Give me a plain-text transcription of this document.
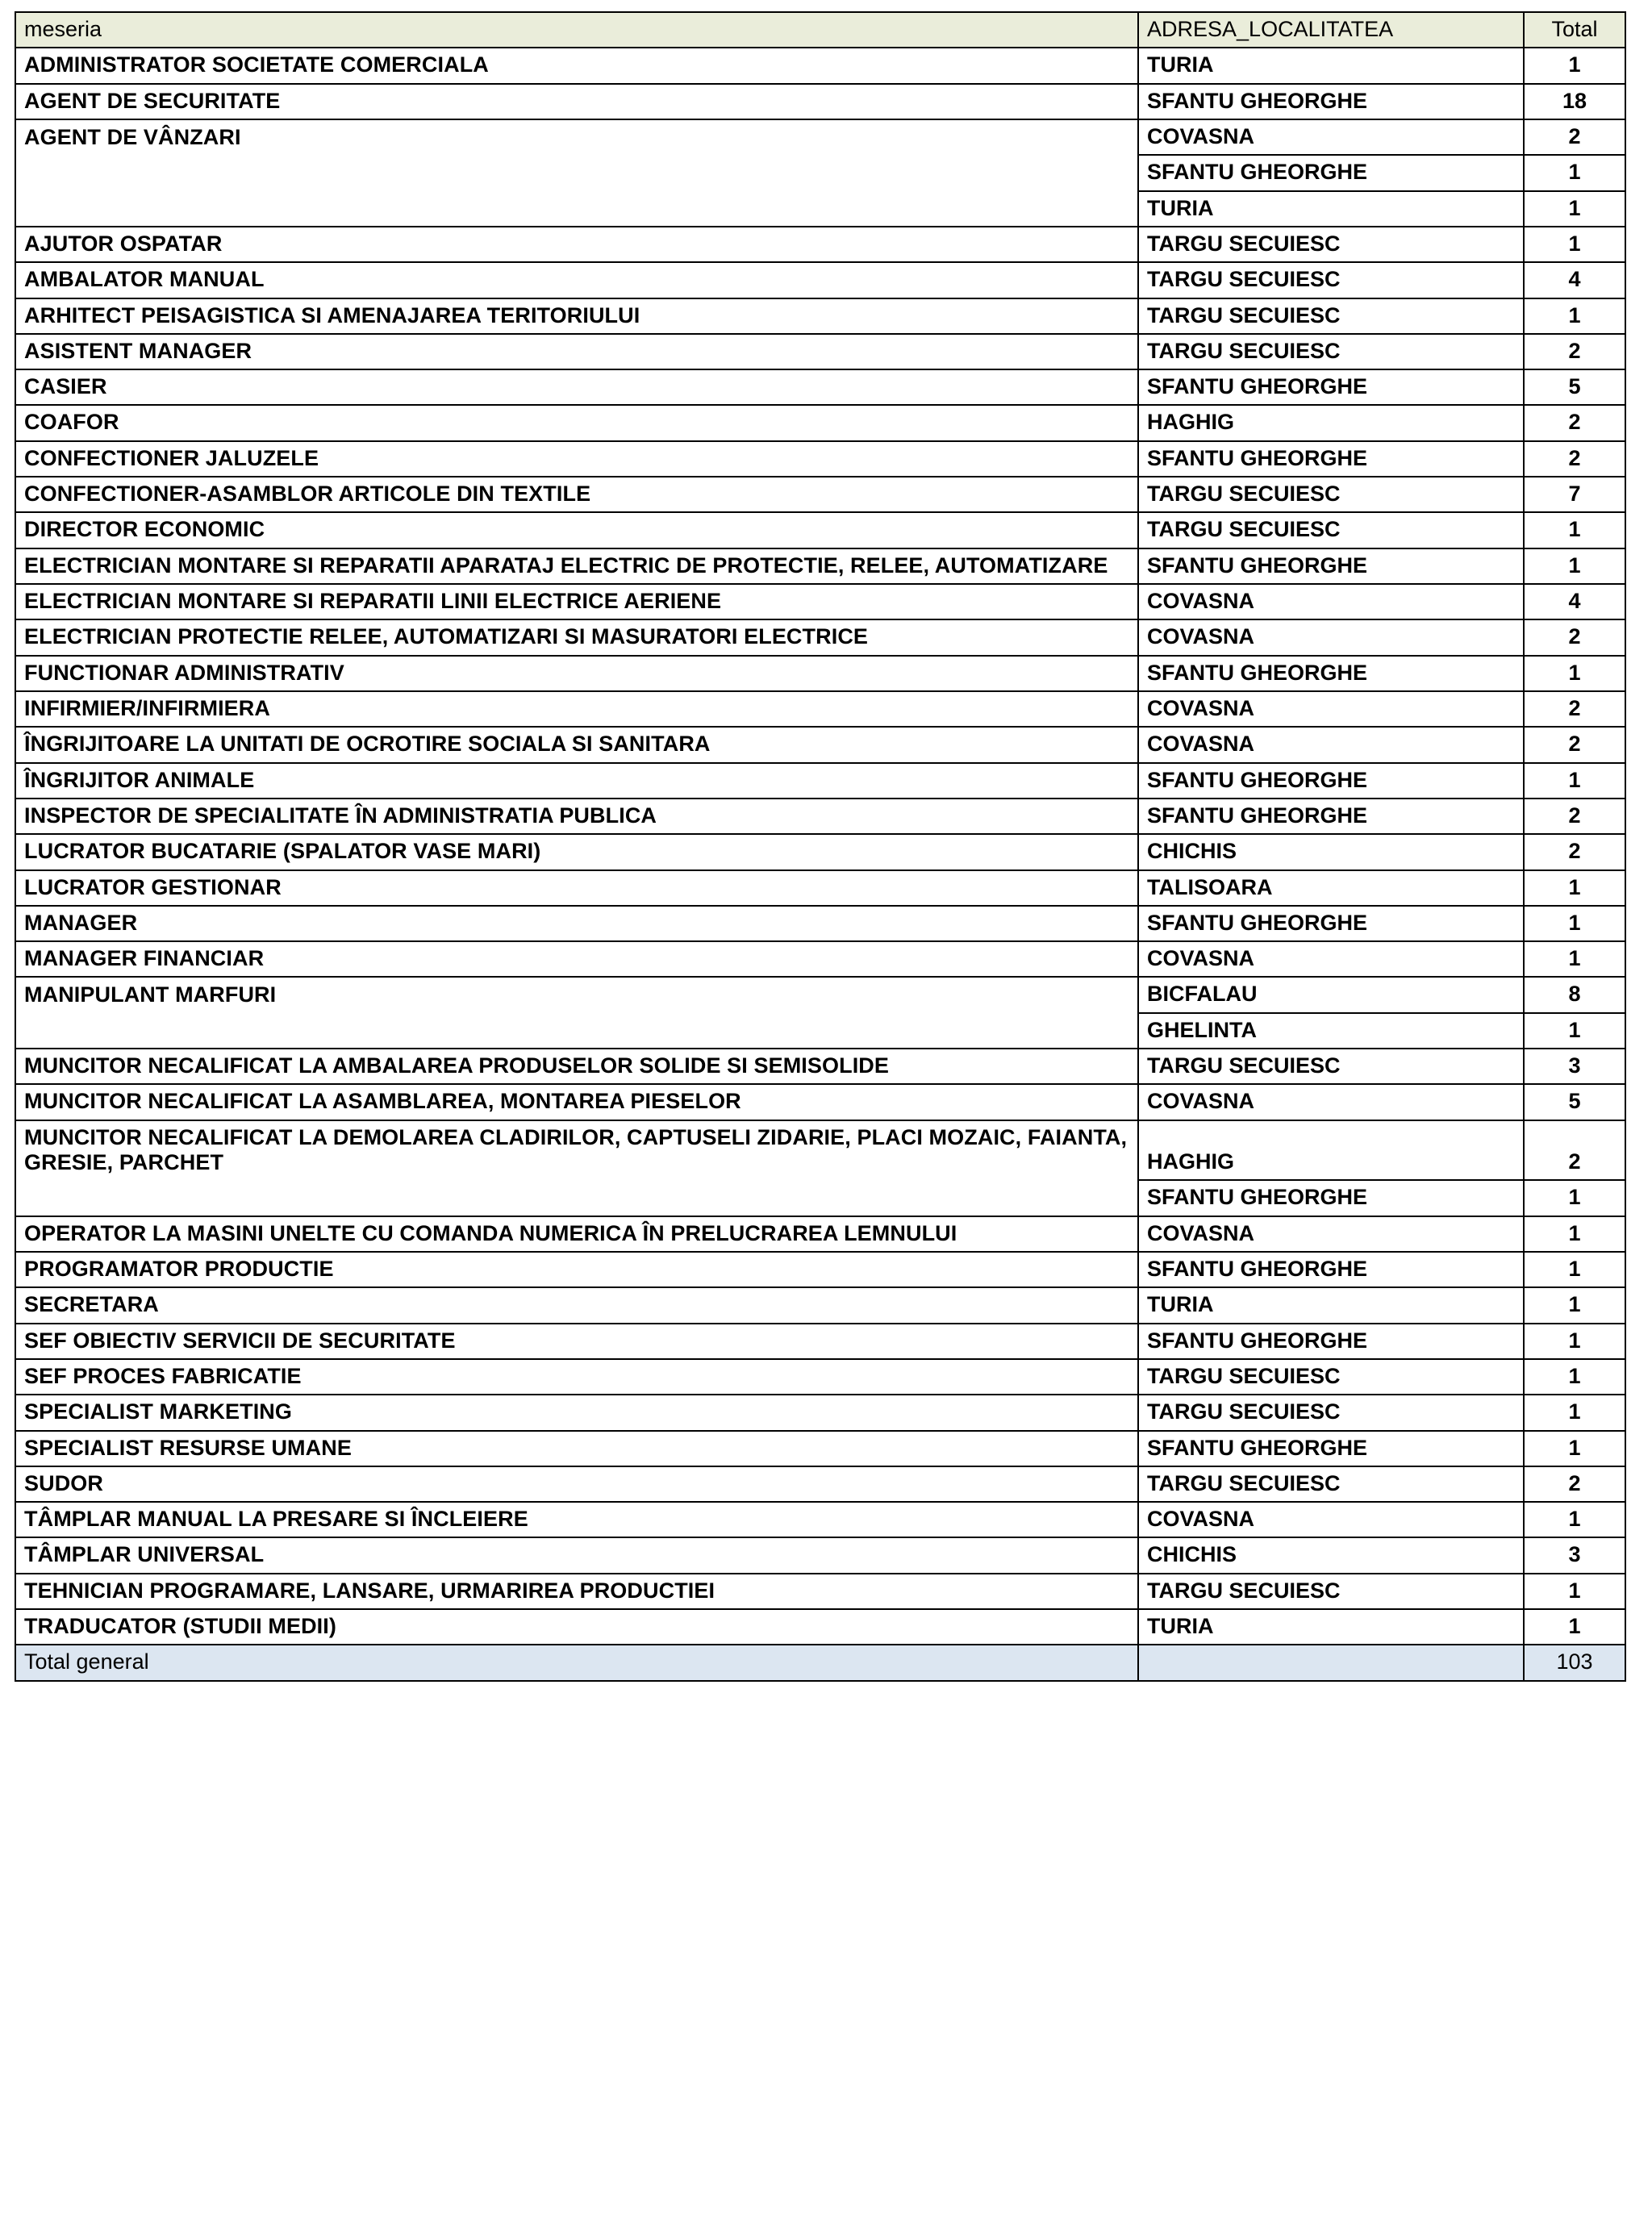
meseria	ADRESA_LOCALITATEA	Total
ADMINISTRATOR SOCIETATE COMERCIALA	TURIA	1
AGENT DE SECURITATE	SFANTU GHEORGHE	18
AGENT DE VÂNZARI	COVASNA	2
	SFANTU GHEORGHE	1
	TURIA	1
AJUTOR OSPATAR	TARGU SECUIESC	1
AMBALATOR MANUAL	TARGU SECUIESC	4
ARHITECT PEISAGISTICA SI AMENAJAREA TERITORIULUI	TARGU SECUIESC	1
ASISTENT MANAGER	TARGU SECUIESC	2
CASIER	SFANTU GHEORGHE	5
COAFOR	HAGHIG	2
CONFECTIONER JALUZELE	SFANTU GHEORGHE	2
CONFECTIONER-ASAMBLOR ARTICOLE DIN TEXTILE	TARGU SECUIESC	7
DIRECTOR ECONOMIC	TARGU SECUIESC	1
ELECTRICIAN MONTARE SI REPARATII APARATAJ ELECTRIC DE PROTECTIE, RELEE, AUTOMATIZARE	SFANTU GHEORGHE	1
ELECTRICIAN MONTARE SI REPARATII LINII ELECTRICE AERIENE	COVASNA	4
ELECTRICIAN PROTECTIE RELEE, AUTOMATIZARI SI MASURATORI ELECTRICE	COVASNA	2
FUNCTIONAR ADMINISTRATIV	SFANTU GHEORGHE	1
INFIRMIER/INFIRMIERA	COVASNA	2
ÎNGRIJITOARE LA UNITATI DE OCROTIRE SOCIALA SI SANITARA	COVASNA	2
ÎNGRIJITOR ANIMALE	SFANTU GHEORGHE	1
INSPECTOR DE SPECIALITATE ÎN ADMINISTRATIA PUBLICA	SFANTU GHEORGHE	2
LUCRATOR BUCATARIE (SPALATOR VASE MARI)	CHICHIS	2
LUCRATOR GESTIONAR	TALISOARA	1
MANAGER	SFANTU GHEORGHE	1
MANAGER FINANCIAR	COVASNA	1
MANIPULANT MARFURI	BICFALAU	8
	GHELINTA	1
MUNCITOR NECALIFICAT LA AMBALAREA PRODUSELOR SOLIDE SI SEMISOLIDE	TARGU SECUIESC	3
MUNCITOR NECALIFICAT LA ASAMBLAREA, MONTAREA PIESELOR	COVASNA	5
MUNCITOR NECALIFICAT LA DEMOLAREA CLADIRILOR, CAPTUSELI ZIDARIE, PLACI MOZAIC, FAIANTA, GRESIE, PARCHET	HAGHIG	2
	SFANTU GHEORGHE	1
OPERATOR LA MASINI UNELTE CU COMANDA NUMERICA ÎN PRELUCRAREA LEMNULUI	COVASNA	1
PROGRAMATOR PRODUCTIE	SFANTU GHEORGHE	1
SECRETARA	TURIA	1
SEF OBIECTIV SERVICII DE SECURITATE	SFANTU GHEORGHE	1
SEF PROCES FABRICATIE	TARGU SECUIESC	1
SPECIALIST MARKETING	TARGU SECUIESC	1
SPECIALIST RESURSE UMANE	SFANTU GHEORGHE	1
SUDOR	TARGU SECUIESC	2
TÂMPLAR MANUAL LA PRESARE SI ÎNCLEIERE	COVASNA	1
TÂMPLAR UNIVERSAL	CHICHIS	3
TEHNICIAN PROGRAMARE, LANSARE, URMARIREA PRODUCTIEI	TARGU SECUIESC	1
TRADUCATOR (STUDII MEDII)	TURIA	1
Total general		103
